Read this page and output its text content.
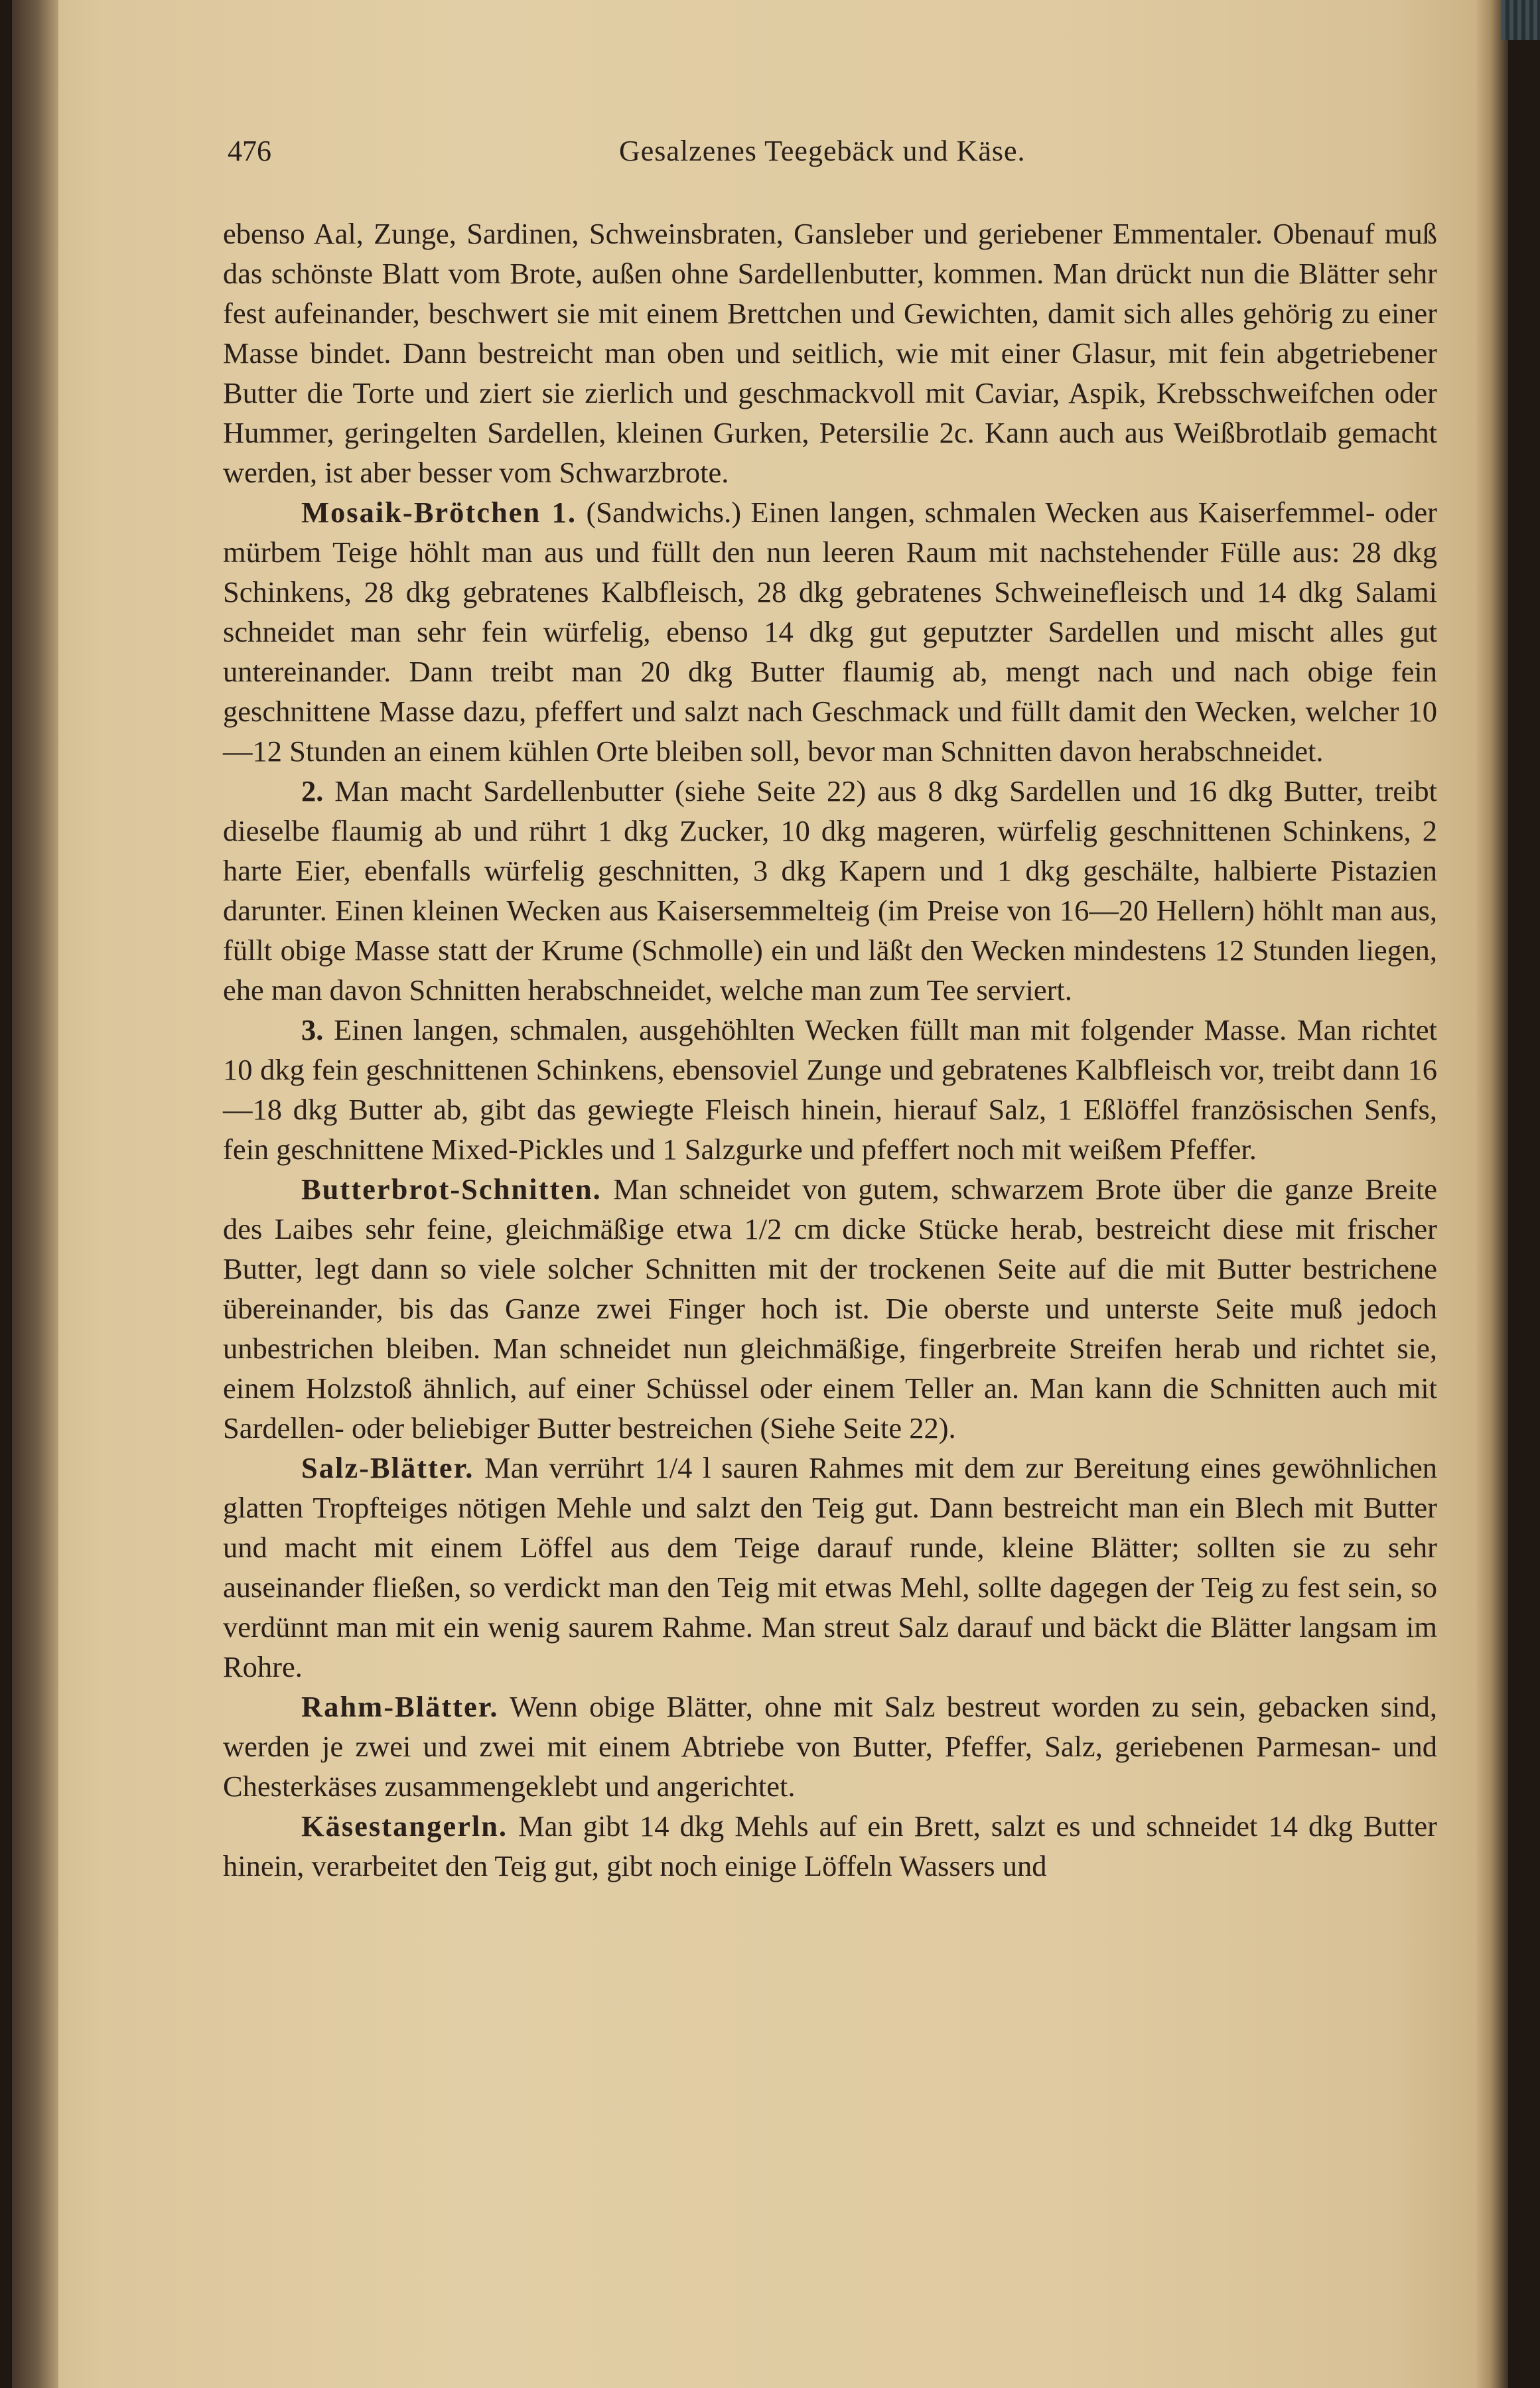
476	Gesalzenes Teegebäck und Käse.

ebenso Aal, Zunge, Sardinen, Schweinsbraten, Gansleber und geriebener Emmentaler. Obenauf muß das schönste Blatt vom Brote, außen ohne Sardellenbutter, kommen. Man drückt nun die Blätter sehr fest aufeinander, beschwert sie mit einem Brettchen und Gewichten, damit sich alles gehörig zu einer Masse bindet. Dann bestreicht man oben und seitlich, wie mit einer Glasur, mit fein abgetriebener Butter die Torte und ziert sie zierlich und geschmackvoll mit Caviar, Aspik, Krebsschweifchen oder Hummer, geringelten Sardellen, kleinen Gurken, Petersilie 2c. Kann auch aus Weißbrotlaib gemacht werden, ist aber besser vom Schwarzbrote.

Mosaik-Brötchen 1. (Sandwichs.) Einen langen, schmalen Wecken aus Kaiserfemmel- oder mürbem Teige höhlt man aus und füllt den nun leeren Raum mit nachstehender Fülle aus: 28 dkg Schinkens, 28 dkg gebratenes Kalbfleisch, 28 dkg gebratenes Schweinefleisch und 14 dkg Salami schneidet man sehr fein würfelig, ebenso 14 dkg gut geputzter Sardellen und mischt alles gut untereinander. Dann treibt man 20 dkg Butter flaumig ab, mengt nach und nach obige fein geschnittene Masse dazu, pfeffert und salzt nach Geschmack und füllt damit den Wecken, welcher 10—12 Stunden an einem kühlen Orte bleiben soll, bevor man Schnitten davon herabschneidet.

2. Man macht Sardellenbutter (siehe Seite 22) aus 8 dkg Sardellen und 16 dkg Butter, treibt dieselbe flaumig ab und rührt 1 dkg Zucker, 10 dkg mageren, würfelig geschnittenen Schinkens, 2 harte Eier, ebenfalls würfelig geschnitten, 3 dkg Kapern und 1 dkg geschälte, halbierte Pistazien darunter. Einen kleinen Wecken aus Kaisersemmelteig (im Preise von 16—20 Hellern) höhlt man aus, füllt obige Masse statt der Krume (Schmolle) ein und läßt den Wecken mindestens 12 Stunden liegen, ehe man davon Schnitten herabschneidet, welche man zum Tee serviert.

3. Einen langen, schmalen, ausgehöhlten Wecken füllt man mit folgender Masse. Man richtet 10 dkg fein geschnittenen Schinkens, ebensoviel Zunge und gebratenes Kalbfleisch vor, treibt dann 16—18 dkg Butter ab, gibt das gewiegte Fleisch hinein, hierauf Salz, 1 Eßlöffel französischen Senfs, fein geschnittene Mixed-Pickles und 1 Salzgurke und pfeffert noch mit weißem Pfeffer.

Butterbrot-Schnitten. Man schneidet von gutem, schwarzem Brote über die ganze Breite des Laibes sehr feine, gleichmäßige etwa 1/2 cm dicke Stücke herab, bestreicht diese mit frischer Butter, legt dann so viele solcher Schnitten mit der trockenen Seite auf die mit Butter bestrichene übereinander, bis das Ganze zwei Finger hoch ist. Die oberste und unterste Seite muß jedoch unbestrichen bleiben. Man schneidet nun gleichmäßige, fingerbreite Streifen herab und richtet sie, einem Holzstoß ähnlich, auf einer Schüssel oder einem Teller an. Man kann die Schnitten auch mit Sardellen- oder beliebiger Butter bestreichen (Siehe Seite 22).

Salz-Blätter. Man verrührt 1/4 l sauren Rahmes mit dem zur Bereitung eines gewöhnlichen glatten Tropfteiges nötigen Mehle und salzt den Teig gut. Dann bestreicht man ein Blech mit Butter und macht mit einem Löffel aus dem Teige darauf runde, kleine Blätter; sollten sie zu sehr auseinander fließen, so verdickt man den Teig mit etwas Mehl, sollte dagegen der Teig zu fest sein, so verdünnt man mit ein wenig saurem Rahme. Man streut Salz darauf und bäckt die Blätter langsam im Rohre.

Rahm-Blätter. Wenn obige Blätter, ohne mit Salz bestreut worden zu sein, gebacken sind, werden je zwei und zwei mit einem Abtriebe von Butter, Pfeffer, Salz, geriebenen Parmesan- und Chesterkäses zusammengeklebt und angerichtet.

Käsestangerln. Man gibt 14 dkg Mehls auf ein Brett, salzt es und schneidet 14 dkg Butter hinein, verarbeitet den Teig gut, gibt noch einige Löffeln Wassers und
